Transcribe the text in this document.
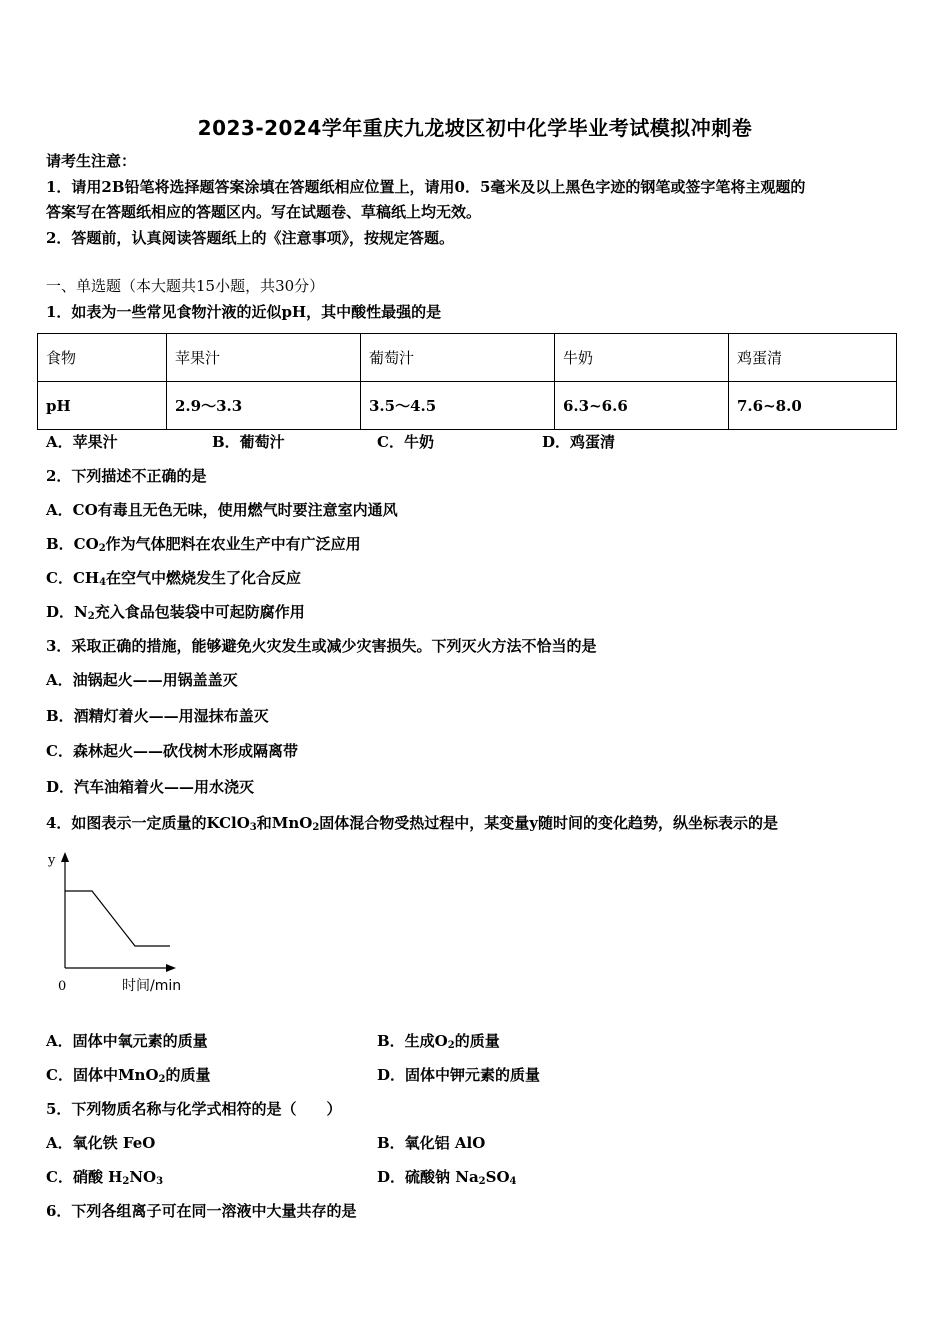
2023-2024学年重庆九龙坡区初中化学毕业考试模拟冲刺卷
请考生注意：
1．请用2B铅笔将选择题答案涂填在答题纸相应位置上，请用0．5毫米及以上黑色字迹的钢笔或签字笔将主观题的
答案写在答题纸相应的答题区内。写在试题卷、草稿纸上均无效。
2．答题前，认真阅读答题纸上的《注意事项》，按规定答题。
一、单选题（本大题共15小题，共30分）
1．如表为一些常见食物汁液的近似pH，其中酸性最强的是
食物	苹果汁	葡萄汁	牛奶	鸡蛋清
pH	2.9～3.3	3.5～4.5	6.3~6.6	7.6~8.0
A．苹果汁	B．葡萄汁	C．牛奶	D．鸡蛋清
2．下列描述不正确的是
A．CO有毒且无色无味，使用燃气时要注意室内通风
B．$CO_2$作为气体肥料在农业生产中有广泛应用
C．$CH_4$在空气中燃烧发生了化合反应
D．$N_2$充入食品包装袋中可起防腐作用
3．采取正确的措施，能够避免火灾发生或减少灾害损失。下列灭火方法不恰当的是
A．油锅起火——用锅盖盖灭
B．酒精灯着火——用湿抹布盖灭
C．森林起火——砍伐树木形成隔离带
D．汽车油箱着火——用水浇灭
4．如图表示一定质量的KClO$_3$和MnO$_2$固体混合物受热过程中，某变量y随时间的变化趋势，纵坐标表示的是
y
0	时间/min
A．固体中氧元素的质量	B．生成$O_2$的质量
C．固体中MnO$_2$的质量	D．固体中钾元素的质量
5．下列物质名称与化学式相符的是（　　）
A．氧化铁 FeO	B．氧化铝 AlO
C．硝酸 $H_2NO_3$	D．硫酸钠 $Na_2SO_4$
6．下列各组离子可在同一溶液中大量共存的是
